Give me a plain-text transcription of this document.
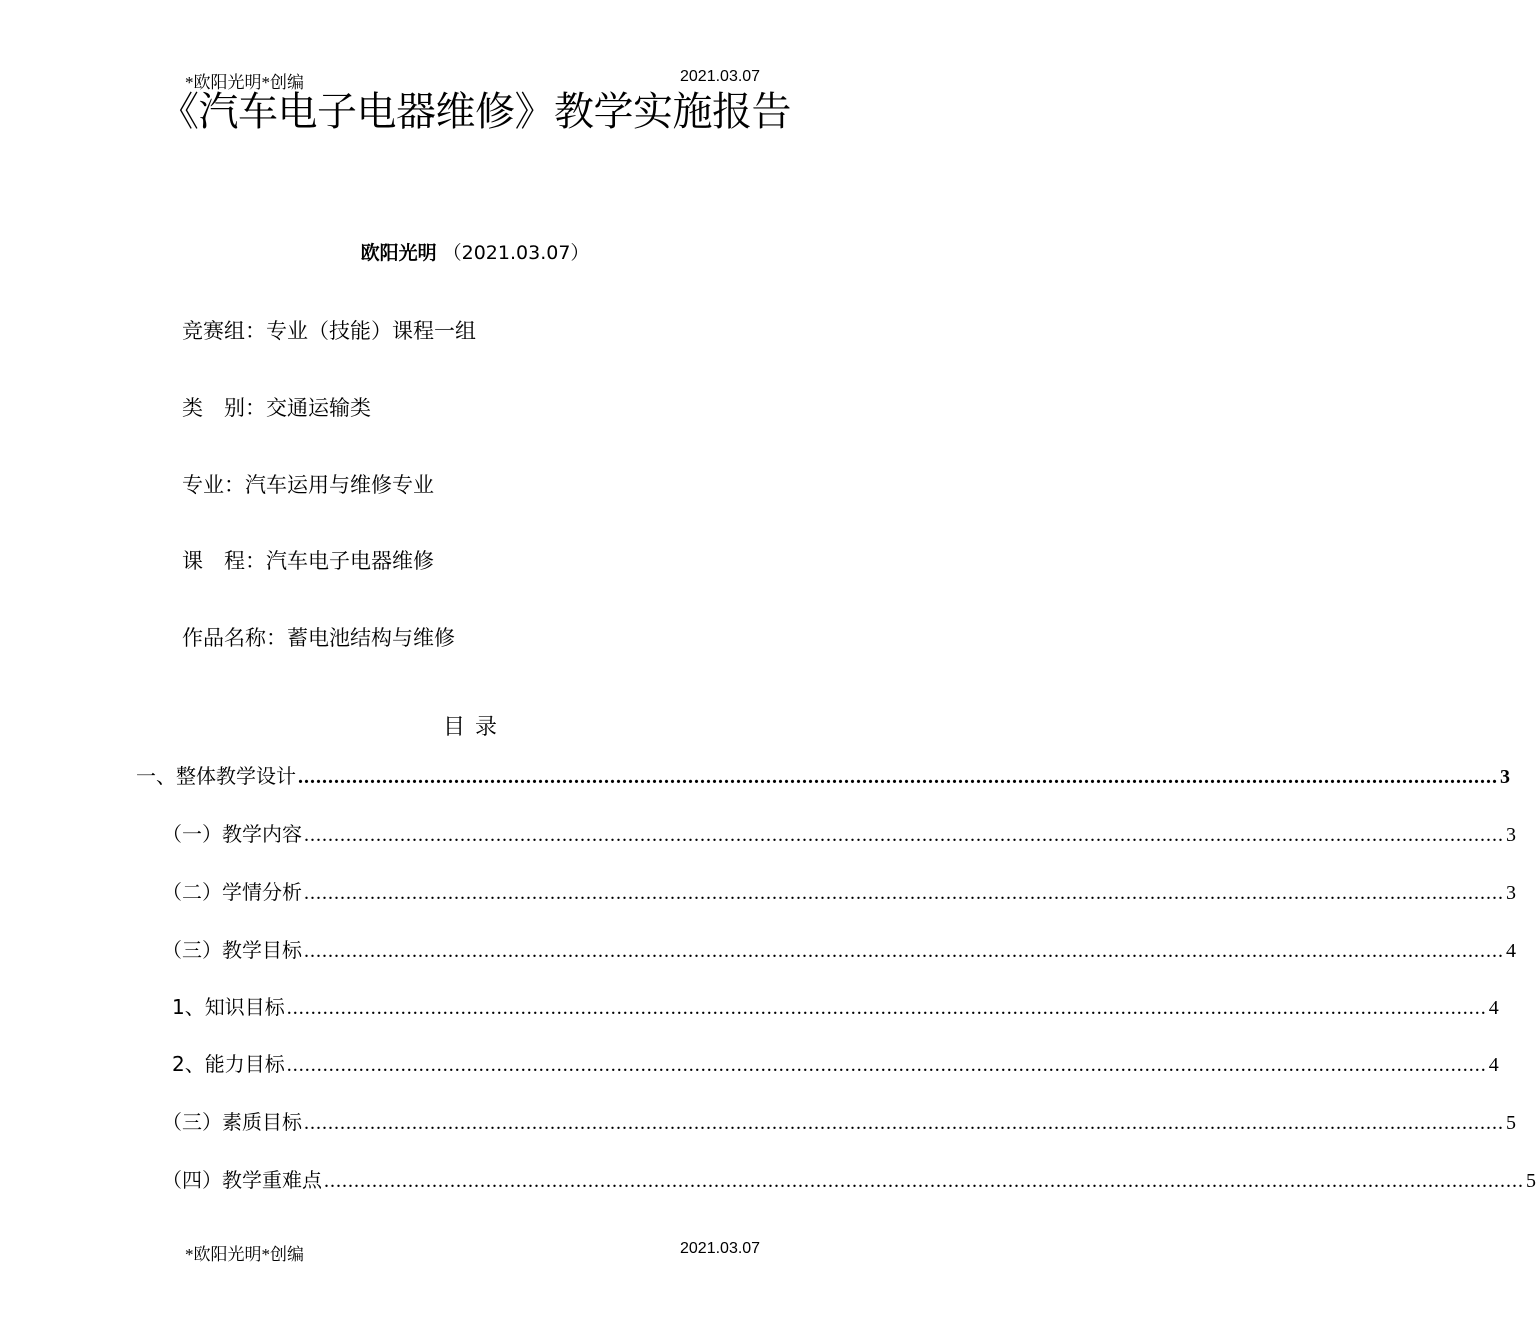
*欧阳光明*创编	2021.03.07
《汽车电子电器维修》教学实施报告
欧阳光明 （2021.03.07）
竞赛组：专业（技能）课程一组
类　别：交通运输类
专业：汽车运用与维修专业
课　程：汽车电子电器维修
作品名称：蓄电池结构与维修
目录
一、整体教学设计 ........................................................................................................................................................................................................ 3
（一）教学内容 ........................................................................................................................................................................................................ 3
（二）学情分析 ........................................................................................................................................................................................................ 3
（三）教学目标 ........................................................................................................................................................................................................ 4
1、知识目标 ........................................................................................................................................................................................................ 4
2、能力目标 ........................................................................................................................................................................................................ 4
（三）素质目标 ........................................................................................................................................................................................................ 5
（四）教学重难点 ........................................................................................................................................................................................................ 5
*欧阳光明*创编	2021.03.07
